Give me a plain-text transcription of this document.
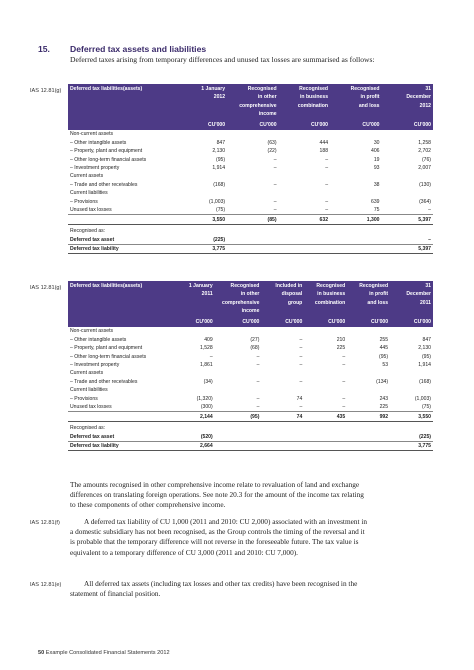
15. Deferred tax assets and liabilities
Deferred taxes arising from temporary differences and unused tax losses are summarised as follows:
IAS 12.81(g) Deferred tax liabilities(assets)	1 January
2012	Recognised
in other
comprehensive
income	Recognised
in business
combination	Recognised
in profit
and loss	31
December
2012
	CU'000	CU'000	CU'000	CU'000	CU'000
Non-current assets					
– Other intangible assets	847	(63)	444	30	1,258
– Property, plant and equipment	2,130	(22)	188	406	2,702
– Other long-term financial assets	(95)	–	–	19	(76)
– Investment property	1,914	–	–	93	2,007
Current assets					
– Trade and other receivables	(168)	–	–	38	(130)
Current liabilities					
– Provisions	(1,003)	–	–	639	(364)
Unused tax losses	(75)	–	–	75	–
	3,550	(85)	632	1,300	5,397
Recognised as:					
Deferred tax asset	(225)				–
Deferred tax liability	3,775				5,397
IAS 12.81(g) Deferred tax liabilities(assets)	1 January
2011	Recognised
in other
comprehensive
income	Included in
disposal
group	Recognised
in business
combination	Recognised
in profit
and loss	31
December
2011
	CU'000	CU'000	CU'000	CU'000	CU'000	CU'000
Non-current assets						
– Other intangible assets	409	(27)	–	210	255	847
– Property, plant and equipment	1,528	(68)	–	225	445	2,130
– Other long-term financial assets	–	–	–	–	(95)	(95)
– Investment property	1,861	–	–	–	53	1,914
Current assets						
– Trade and other receivables	(34)	–	–	–	(134)	(168)
Current liabilities						
– Provisions	(1,320)	–	74	–	243	(1,003)
Unused tax losses	(300)	–	–	–	225	(75)
	2,144	(95)	74	435	992	3,550
Recognised as:						
Deferred tax asset	(520)					(225)
Deferred tax liability	2,664					3,775
The amounts recognised in other comprehensive income relate to revaluation of land and exchange differences on translating foreign operations. See note 20.3 for the amount of the income tax relating to these components of other comprehensive income.
IAS 12.81(f)	A deferred tax liability of CU 1,000 (2011 and 2010: CU 2,000) associated with an investment in a domestic subsidiary has not been recognised, as the Group controls the timing of the reversal and it is probable that the temporary difference will not reverse in the foreseeable future. The tax value is equivalent to a temporary difference of CU 3,000 (2011 and 2010: CU 7,000).
IAS 12.81(e)	All deferred tax assets (including tax losses and other tax credits) have been recognised in the statement of financial position.
50 Example Consolidated Financial Statements 2012
